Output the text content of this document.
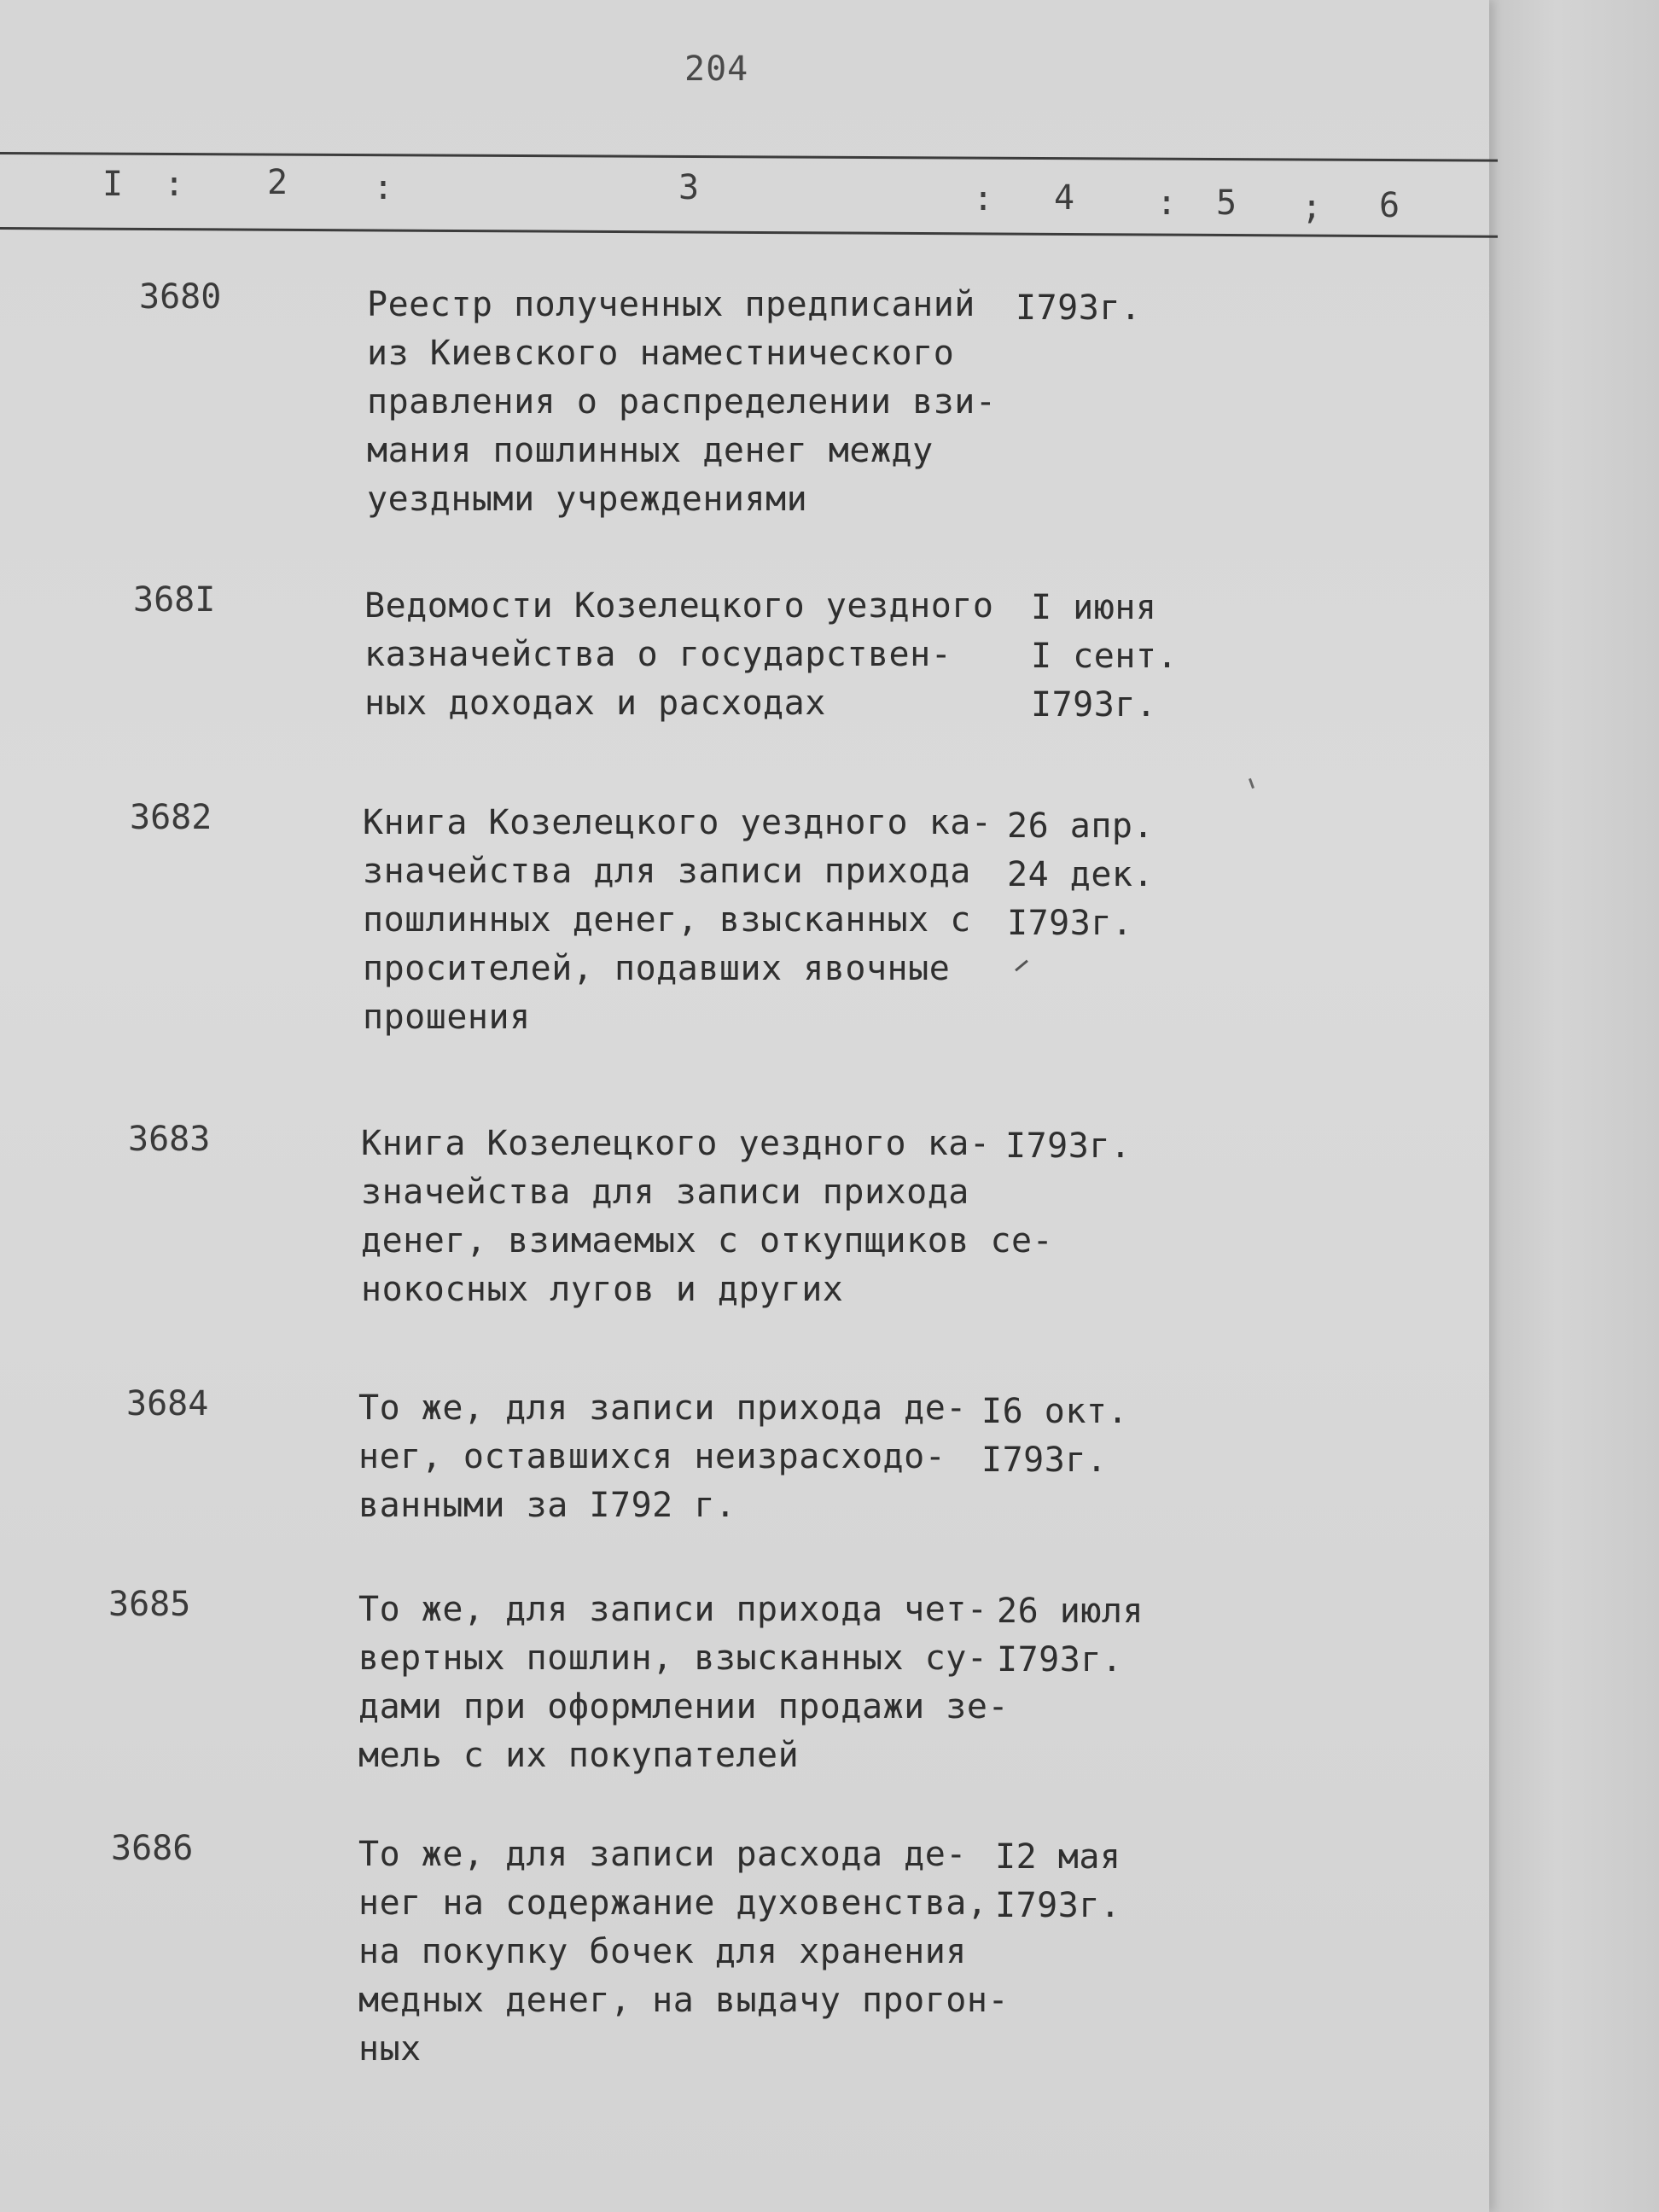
204
I : 2 :	3	: 4 : 5 ; 6
3680	Реестр полученных предписаний
из Киевского наместнического
правления о распределении взи-
мания пошлинных денег между
уездными учреждениями
I793г.
368I	Ведомости Козелецкого уездного
казначейства о государствен-
ных доходах и расходах
I июня
I сент.
I793г.
3682	Книга Козелецкого уездного ка-
значейства для записи прихода
пошлинных денег, взысканных с
просителей, подавших явочные
прошения
26 апр.
24 дек.
I793г.
3683	Книга Козелецкого уездного ка-
значейства для записи прихода
денег, взимаемых с откупщиков се-
нокосных лугов и других
I793г.
3684	То же, для записи прихода де-
нег, оставшихся неизрасходо-
ванными за I792 г.
I6 окт.
I793г.
3685	То же, для записи прихода чет-
вертных пошлин, взысканных су-
дами при оформлении продажи зе-
мель с их покупателей
26 июля
I793г.
3686	То же, для записи расхода де-
нег на содержание духовенства,
на покупку бочек для хранения
медных денег, на выдачу прогон-
ных
I2 мая
I793г.
